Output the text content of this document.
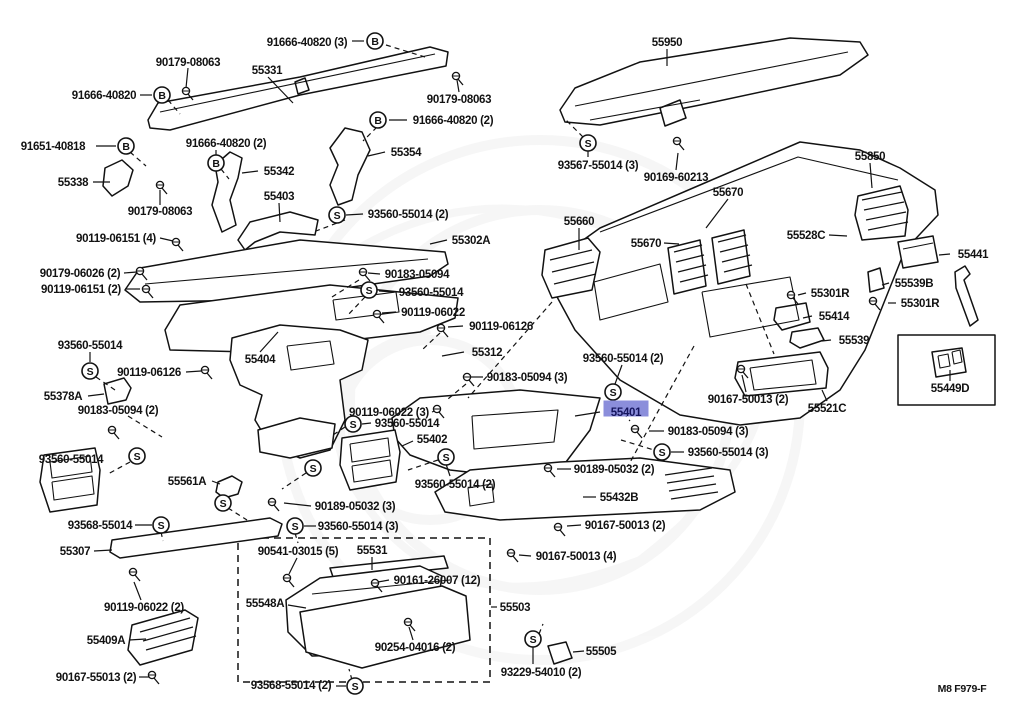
B
B
B
B
B
S
S
S
S
S
S
S
S	S
S
S
S
S
S
S
91666-40820 (3)
90179-08063
55331
91666-40820	90179-08063
91666-40820 (2)
91651-40818	91666-40820 (2)
55342
55354
55338
90179-08063
55403
93560-55014 (2)
90119-06151 (4)	55302A
90179-06026 (2)
90119-06151 (2)
93560-55014
90119-06126
55404
55378A
90183-05094 (2)
93560-55014
90183-05094
93560-55014
90119-06022
90119-06126
55312	93560-55014 (2)
90183-05094 (3)
90119-06022 (3)
93560-55014
55402
93560-55014 (2)
55401
90183-05094 (3)
93560-55014 (3)
90189-05032 (2)
55432B
90167-50013 (2)
90167-50013 (4)
90189-05032 (3)
93560-55014 (3)
55561A
93568-55014
55307	90541-03015 (5) 55531
90119-06022 (2)
55409A
90167-55013 (2)
55548A
90161-26007 (12)
55503
90254-04016 (2)
93229-54010 (2)
55505
93568-55014 (2)
55950
93567-55014 (3)
90169-60213
55850
55670
55660
55670
55528C
55441
55539B
55301R
55301R
55414
55539
90167-50013 (2)
55521C
55449D
M8 F979-F
